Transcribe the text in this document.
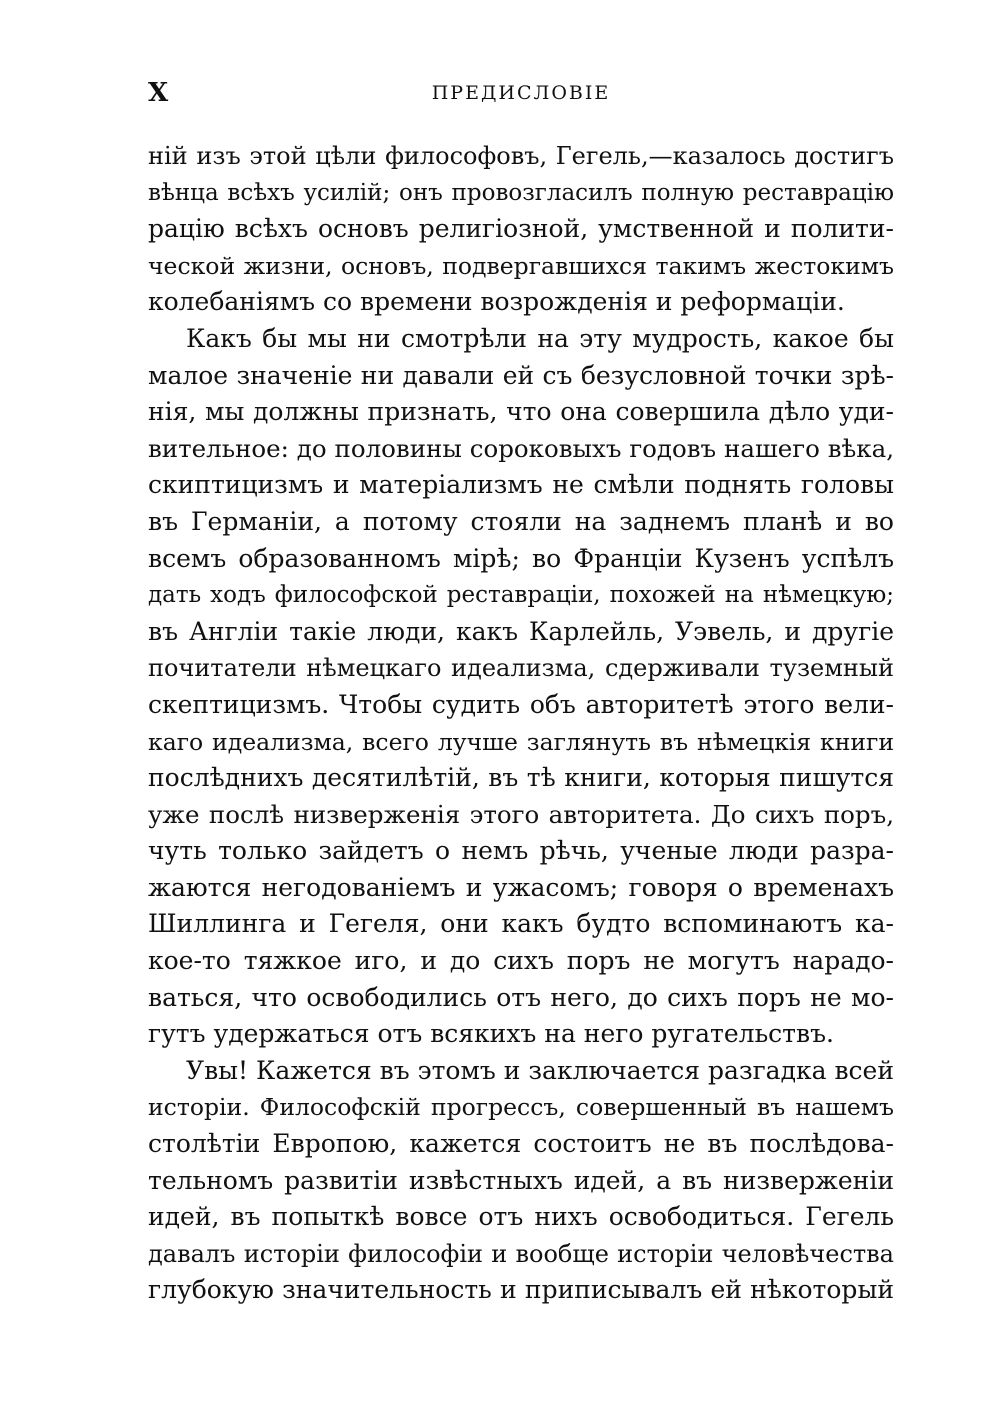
X	ПРЕДИСЛОВІЕ
ній изъ этой цѣли философовъ, Гегель,—казалось достигъ
вѣнца всѣхъ усилій; онъ провозгласилъ полную реставрацію
рацію всѣхъ основъ религіозной, умственной и полити-
ческой жизни, основъ, подвергавшихся такимъ жестокимъ
колебаніямъ со времени возрожденія и реформаціи.
Какъ бы мы ни смотрѣли на эту мудрость, какое бы
малое значеніе ни давали ей съ безусловной точки зрѣ-
нія, мы должны признать, что она совершила дѣло уди-
вительное: до половины сороковыхъ годовъ нашего вѣка,
скиптицизмъ и матеріализмъ не смѣли поднять головы
въ Германіи, а потому стояли на заднемъ планѣ и во
всемъ образованномъ мірѣ; во Франціи Кузенъ успѣлъ
дать ходъ философской реставраціи, похожей на нѣмецкую;
въ Англіи такіе люди, какъ Карлейль, Уэвель, и другіе
почитатели нѣмецкаго идеализма, сдерживали туземный
скептицизмъ. Чтобы судить объ авторитетѣ этого вели-
каго идеализма, всего лучше заглянуть въ нѣмецкія книги
послѣднихъ десятилѣтій, въ тѣ книги, которыя пишутся
уже послѣ низверженія этого авторитета. До сихъ поръ,
чуть только зайдетъ о немъ рѣчь, ученые люди разра-
жаются негодованіемъ и ужасомъ; говоря о временахъ
Шиллинга и Гегеля, они какъ будто вспоминаютъ ка-
кое-то тяжкое иго, и до сихъ поръ не могутъ нарадо-
ваться, что освободились отъ него, до сихъ поръ не мо-
гутъ удержаться отъ всякихъ на него ругательствъ.
Увы! Кажется въ этомъ и заключается разгадка всей
исторіи. Философскій прогрессъ, совершенный въ нашемъ
столѣтіи Европою, кажется состоитъ не въ послѣдова-
тельномъ развитіи извѣстныхъ идей, а въ низверженіи
идей, въ попыткѣ вовсе отъ нихъ освободиться. Гегель
давалъ исторіи философіи и вообще исторіи человѣчества
глубокую значительность и приписывалъ ей нѣкоторый
